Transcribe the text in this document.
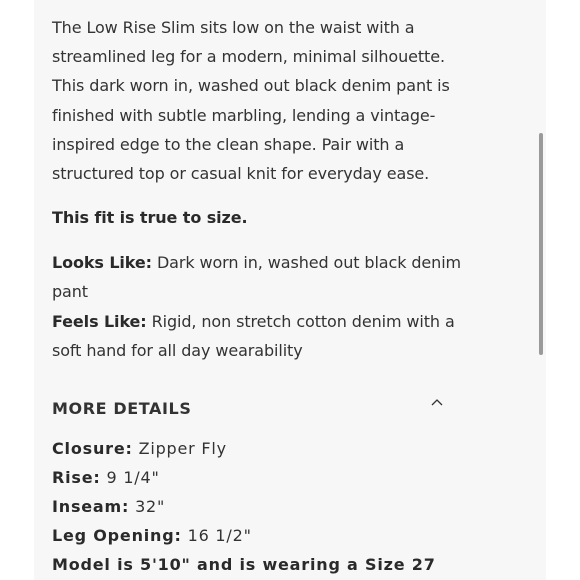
The Low Rise Slim sits low on the waist with a streamlined leg for a modern, minimal silhouette. This dark worn in, washed out black denim pant is finished with subtle marbling, lending a vintage-inspired edge to the clean shape. Pair with a structured top or casual knit for everyday ease.

This fit is true to size.

Looks Like: Dark worn in, washed out black denim pant
Feels Like: Rigid, non stretch cotton denim with a soft hand for all day wearability

MORE DETAILS
Closure: Zipper Fly
Rise: 9 1/4"
Inseam: 32"
Leg Opening: 16 1/2"
Model is 5'10" and is wearing a Size 27
